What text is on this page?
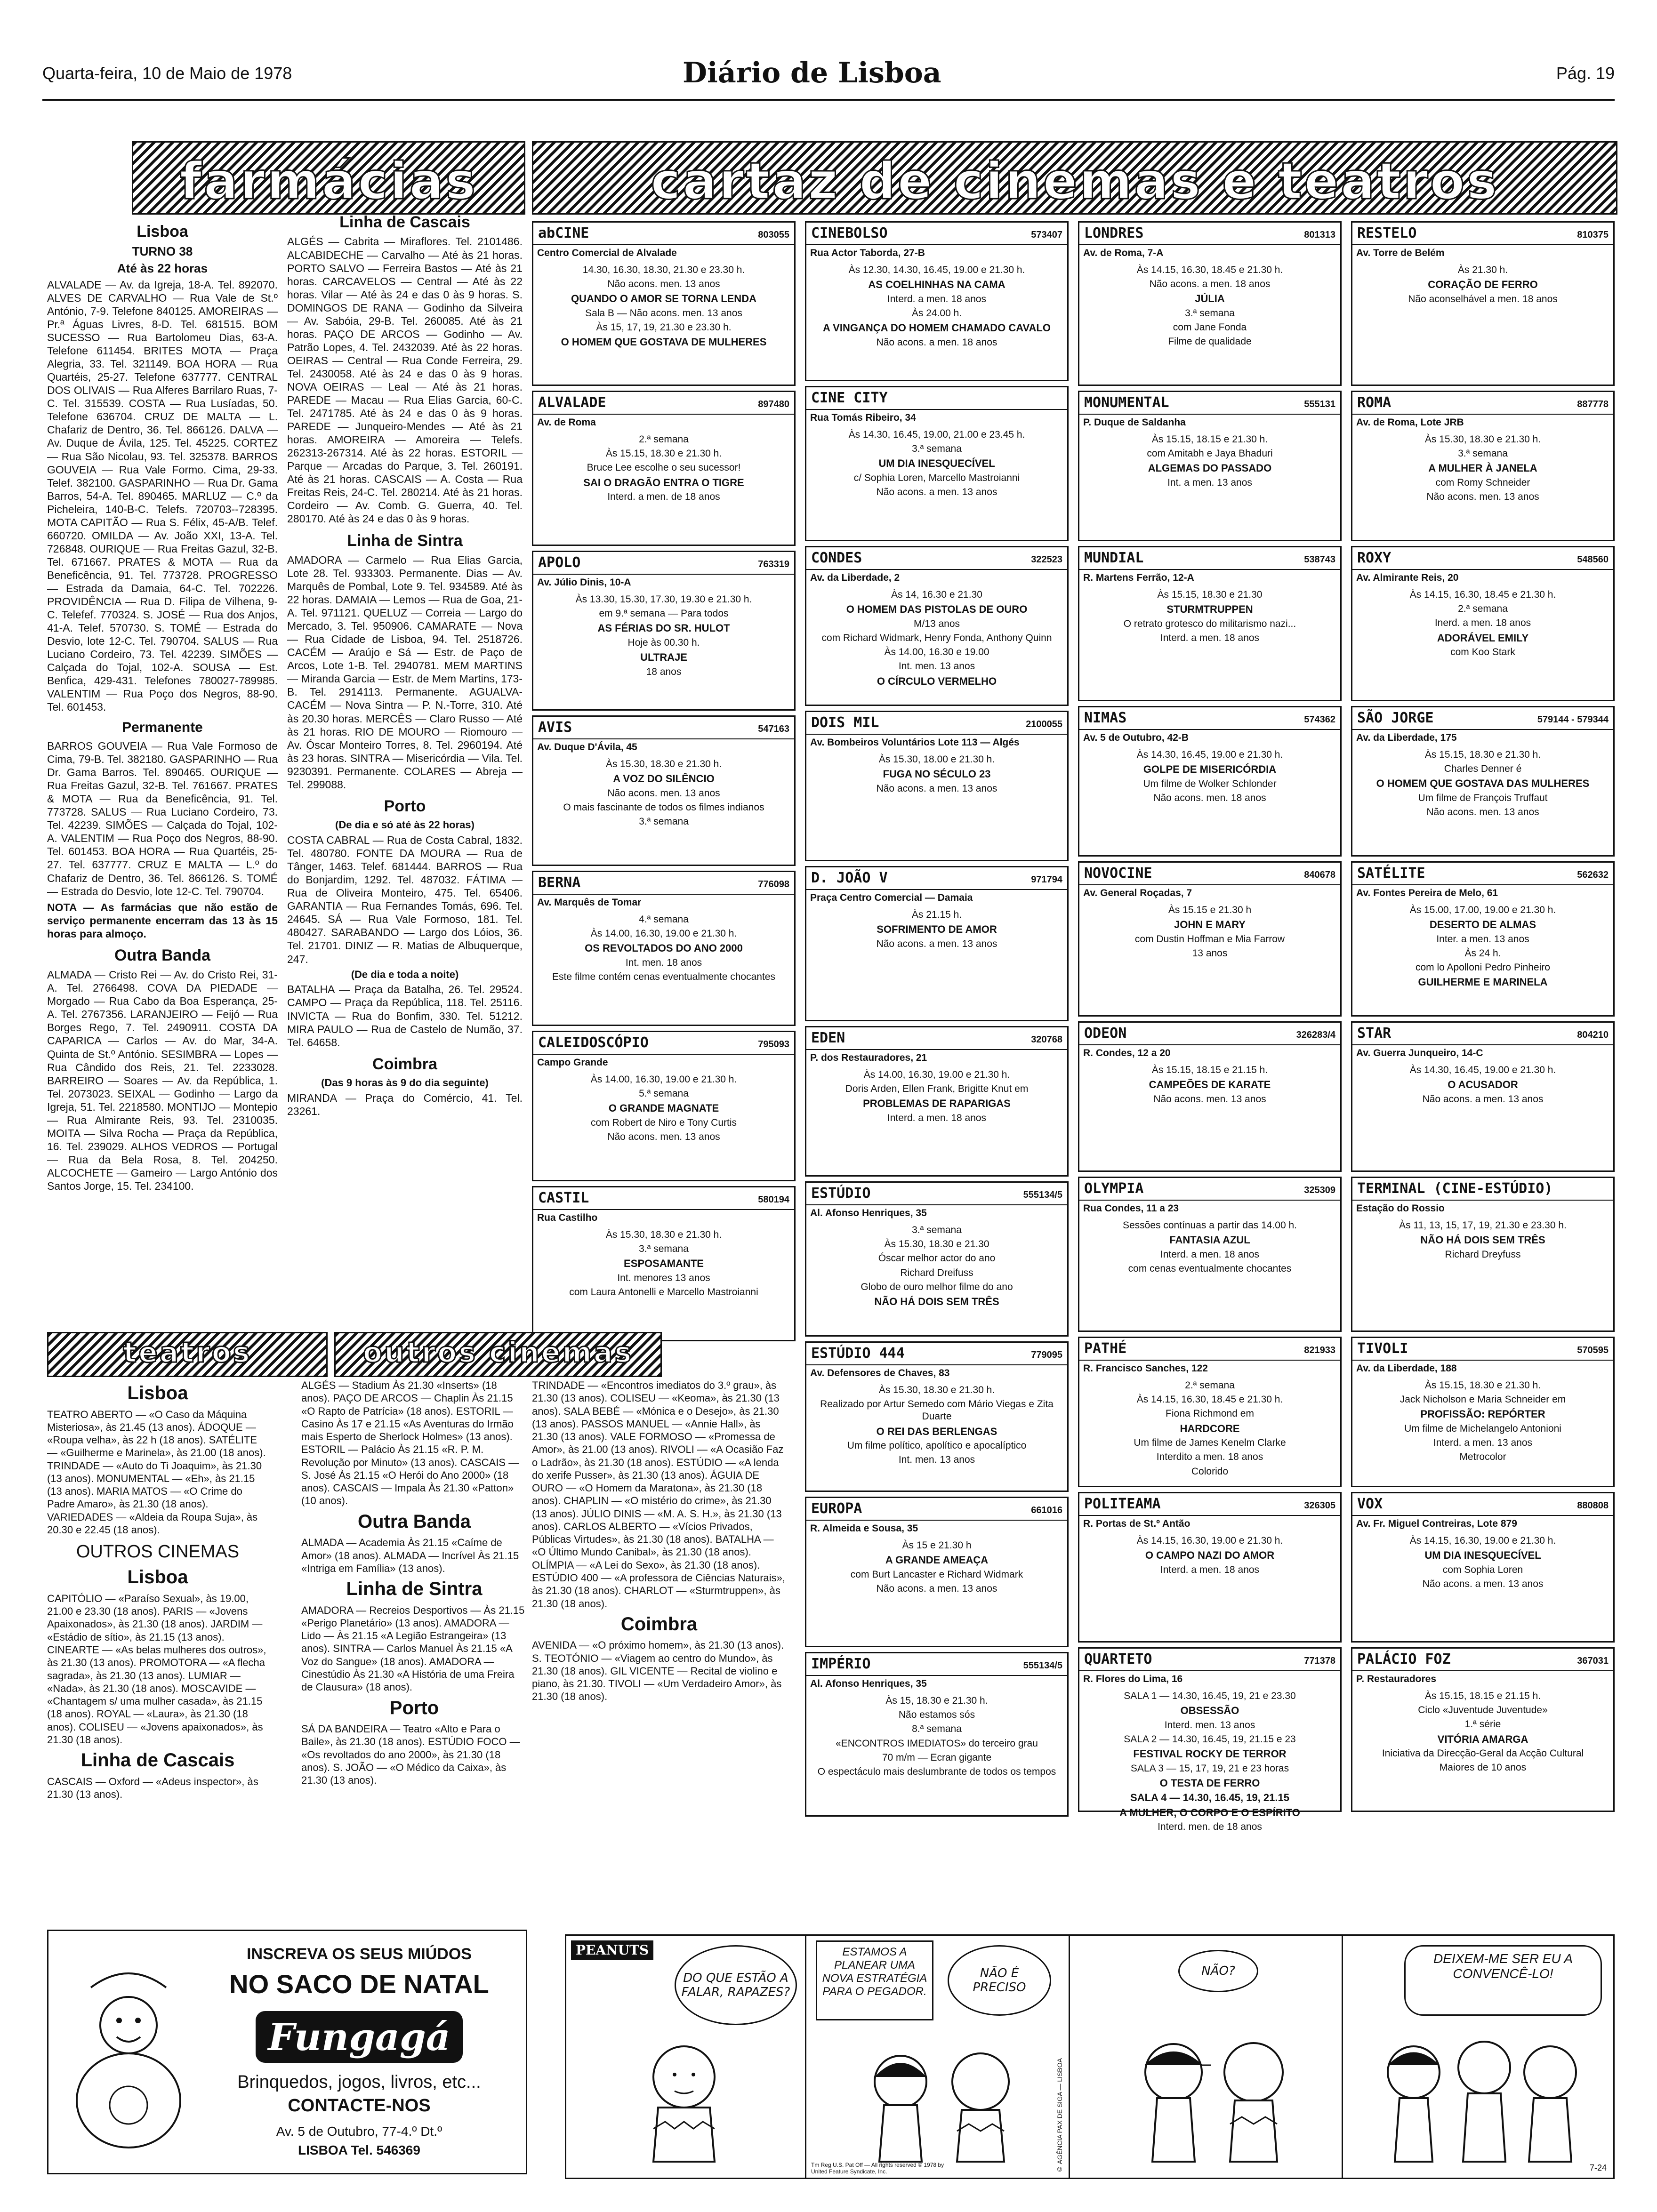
Quarta-feira, 10 de Maio de 1978	Diário de Lisboa	Pág. 19
farmácias	cartaz de cinemas e teatros
Lisboa
TURNO 38
Até às 22 horas

ALVALADE — Av. da Igreja, 18-A. Tel. 892070. ALVES DE CARVALHO — Rua Vale de St.º António, 7-9. Telefone 840125. AMOREIRAS — Pr.ª Águas Livres, 8-D. Tel. 681515. BOM SUCESSO — Rua Bartolomeu Dias, 63-A. Telefone 611454. BRITES MOTA — Praça Alegria, 33. Tel. 321149. BOA HORA — Rua Quartéis, 25-27. Telefone 637777. CENTRAL DOS OLIVAIS — Rua Alferes Barrilaro Ruas, 7-C. Tel. 315539. COSTA — Rua Lusíadas, 50. Telefone 636704. CRUZ DE MALTA — L. Chafariz de Dentro, 36. Tel. 866126. DALVA — Av. Duque de Ávila, 125. Tel. 45225. CORTEZ — Rua São Nicolau, 93. Tel. 325378. BARROS GOUVEIA — Rua Vale Formo. Cima, 29-33. Telef. 382100. GASPARINHO — Rua Dr. Gama Barros, 54-A. Tel. 890465. MARLUZ — C.º da Picheleira, 140-B-C. Telefs. 720703--728395. MOTA CAPITÃO — Rua S. Félix, 45-A/B. Telef. 660720. OMILDA — Av. João XXI, 13-A. Tel. 726848. OURIQUE — Rua Freitas Gazul, 32-B. Tel. 671667. PRATES & MOTA — Rua da Beneficência, 91. Tel. 773728. PROGRESSO — Estrada da Damaia, 64-C. Tel. 702226. PROVIDÊNCIA — Rua D. Filipa de Vilhena, 9-C. Telefef. 770324. S. JOSÉ — Rua dos Anjos, 41-A. Telef. 570730. S. TOMÉ — Estrada do Desvio, lote 12-C. Tel. 790704. SALUS — Rua Luciano Cordeiro, 73. Tel. 42239. SIMÕES — Calçada do Tojal, 102-A. SOUSA — Est. Benfica, 429-431. Telefones 780027-789985. VALENTIM — Rua Poço dos Negros, 88-90. Tel. 601453.

Permanente

BARROS GOUVEIA — Rua Vale Formoso de Cima, 79-B. Tel. 382180. GASPARINHO — Rua Dr. Gama Barros. Tel. 890465. OURIQUE — Rua Freitas Gazul, 32-B. Tel. 761667. PRATES & MOTA — Rua da Beneficência, 91. Tel. 773728. SALUS — Rua Luciano Cordeiro, 73. Tel. 42239. SIMÕES — Calçada do Tojal, 102-A. VALENTIM — Rua Poço dos Negros, 88-90. Tel. 601453. BOA HORA — Rua Quartéis, 25-27. Tel. 637777. CRUZ E MALTA — L.º do Chafariz de Dentro, 36. Tel. 866126. S. TOMÉ — Estrada do Desvio, lote 12-C. Tel. 790704.

NOTA — As farmácias que não estão de serviço permanente encerram das 13 às 15 horas para almoço.

Outra Banda

ALMADA — Cristo Rei — Av. do Cristo Rei, 31-A. Tel. 2766498. COVA DA PIEDADE — Morgado — Rua Cabo da Boa Esperança, 25-A. Tel. 2767356. LARANJEIRO — Feijó — Rua Borges Rego, 7. Tel. 2490911. COSTA DA CAPARICA — Carlos — Av. do Mar, 34-A. Quinta de St.º António. SESIMBRA — Lopes — Rua Cândido dos Reis, 21. Tel. 2233028. BARREIRO — Soares — Av. da República, 1. Tel. 2073023. SEIXAL — Godinho — Largo da Igreja, 51. Tel. 2218580. MONTIJO — Montepio — Rua Almirante Reis, 93. Tel. 2310035. MOITA — Silva Rocha — Praça da República, 16. Tel. 239029. ALHOS VEDROS — Portugal — Rua da Bela Rosa, 8. Tel. 204250. ALCOCHETE — Gameiro — Largo António dos Santos Jorge, 15. Tel. 234100.

Linha de Cascais

ALGÉS — Cabrita — Miraflores. Tel. 2101486. ALCABIDECHE — Carvalho — Até às 21 horas. PORTO SALVO — Ferreira Bastos — Até às 21 horas. CARCAVELOS — Central — Até às 22 horas. Vilar — Até às 24 e das 0 às 9 horas. S. DOMINGOS DE RANA — Godinho da Silveira — Av. Sabóia, 29-B. Tel. 260085. Até às 21 horas. PAÇO DE ARCOS — Godinho — Av. Patrão Lopes, 4. Tel. 2432039. Até às 22 horas. OEIRAS — Central — Rua Conde Ferreira, 29. Tel. 2430058. Até às 24 e das 0 às 9 horas. NOVA OEIRAS — Leal — Até às 21 horas. PAREDE — Macau — Rua Elias Garcia, 60-C. Tel. 2471785. Até às 24 e das 0 às 9 horas. PAREDE — Junqueiro-Mendes — Até às 21 horas. AMOREIRA — Amoreira — Telefs. 262313-267314. Até às 22 horas. ESTORIL — Parque — Arcadas do Parque, 3. Tel. 260191. Até às 21 horas. CASCAIS — A. Costa — Rua Freitas Reis, 24-C. Tel. 280214. Até às 21 horas. Cordeiro — Av. Comb. G. Guerra, 40. Tel. 280170. Até às 24 e das 0 às 9 horas.

Linha de Sintra

AMADORA — Carmelo — Rua Elias Garcia, Lote 28. Tel. 933303. Permanente. Dias — Av. Marquês de Pombal, Lote 9. Tel. 934589. Até às 22 horas. DAMAIA — Lemos — Rua de Goa, 21-A. Tel. 971121. QUELUZ — Correia — Largo do Mercado, 3. Tel. 950906. CAMARATE — Nova — Rua Cidade de Lisboa, 94. Tel. 2518726. CACÉM — Araújo e Sá — Estr. de Paço de Arcos, Lote 1-B. Tel. 2940781. MEM MARTINS — Miranda Garcia — Estr. de Mem Martins, 173-B. Tel. 2914113. Permanente. AGUALVA-CACÉM — Nova Sintra — P. N.-Torre, 310. Até às 20.30 horas. MERCÊS — Claro Russo — Até às 21 horas. RIO DE MOURO — Riomouro — Av. Óscar Monteiro Torres, 8. Tel. 2960194. Até às 23 horas. SINTRA — Misericórdia — Vila. Tel. 9230391. Permanente. COLARES — Abreja — Tel. 299088.

Porto
(De dia e só até às 22 horas)

COSTA CABRAL — Rua de Costa Cabral, 1832. Tel. 480780. FONTE DA MOURA — Rua de Tânger, 1463. Telef. 681444. BARROS — Rua do Bonjardim, 1292. Tel. 487032. FÁTIMA — Rua de Oliveira Monteiro, 475. Tel. 65406. GARANTIA — Rua Fernandes Tomás, 696. Tel. 24645. SÁ — Rua Vale Formoso, 181. Tel. 480427. SARABANDO — Largo dos Lóios, 36. Tel. 21701. DINIZ — R. Matias de Albuquerque, 247.

(De dia e toda a noite)

BATALHA — Praça da Batalha, 26. Tel. 29524. CAMPO — Praça da República, 118. Tel. 25116. INVICTA — Rua do Bonfim, 330. Tel. 51212. MIRA PAULO — Rua de Castelo de Numão, 37. Tel. 64658.

Coimbra
(Das 9 horas às 9 do dia seguinte)

MIRANDA — Praça do Comércio, 41. Tel. 23261.

abCINE	803055
Centro Comercial de Alvalade
14.30, 16.30, 18.30, 21.30 e 23.30 h.
Não acons. men. 13 anos
QUANDO O AMOR SE TORNA LENDA
Sala B — Não acons. men. 13 anos
Às 15, 17, 19, 21.30 e 23.30 h.
O HOMEM QUE GOSTAVA DE MULHERES
ALVALADE	897480
Av. de Roma
2.ª semana
Às 15.15, 18.30 e 21.30 h.
Bruce Lee escolhe o seu sucessor!
SAI O DRAGÃO ENTRA O TIGRE
Interd. a men. de 18 anos
APOLO	763319
Av. Júlio Dinis, 10-A
Às 13.30, 15.30, 17.30, 19.30 e 21.30 h.
em 9.ª semana — Para todos
AS FÉRIAS DO SR. HULOT
Hoje às 00.30 h.
ULTRAJE
18 anos
AVIS	547163
Av. Duque D'Ávila, 45
Às 15.30, 18.30 e 21.30 h.
A VOZ DO SILÊNCIO
Não acons. men. 13 anos
O mais fascinante de todos os filmes indianos
3.ª semana
BERNA	776098
Av. Marquês de Tomar
4.ª semana
Às 14.00, 16.30, 19.00 e 21.30 h.
OS REVOLTADOS DO ANO 2000
Int. men. 18 anos
Este filme contém cenas eventualmente chocantes
CALEIDOSCÓPIO	795093
Campo Grande
Às 14.00, 16.30, 19.00 e 21.30 h.
5.ª semana
O GRANDE MAGNATE
com Robert de Niro e Tony Curtis
Não acons. men. 13 anos
CASTIL	580194
Rua Castilho
Às 15.30, 18.30 e 21.30 h.
3.ª semana
ESPOSAMANTE
Int. menores 13 anos
com Laura Antonelli e Marcello Mastroianni
CINEBOLSO	573407
Rua Actor Taborda, 27-B
Às 12.30, 14.30, 16.45, 19.00 e 21.30 h.
AS COELHINHAS NA CAMA
Interd. a men. 18 anos
Às 24.00 h.
A VINGANÇA DO HOMEM CHAMADO CAVALO
Não acons. a men. 18 anos
CINE CITY
Rua Tomás Ribeiro, 34
Às 14.30, 16.45, 19.00, 21.00 e 23.45 h.
3.ª semana
UM DIA INESQUECÍVEL
c/ Sophia Loren, Marcello Mastroianni
Não acons. a men. 13 anos
CONDES	322523
Av. da Liberdade, 2
Às 14, 16.30 e 21.30
O HOMEM DAS PISTOLAS DE OURO
M/13 anos
com Richard Widmark, Henry Fonda, Anthony Quinn
Às 14.00, 16.30 e 19.00
Int. men. 13 anos
O CÍRCULO VERMELHO
DOIS MIL	2100055
Av. Bombeiros Voluntários Lote 113 — Algés
Às 15.30, 18.00 e 21.30 h.
FUGA NO SÉCULO 23
Não acons. a men. 13 anos
D. JOÃO V	971794
Praça Centro Comercial — Damaia
Às 21.15 h.
SOFRIMENTO DE AMOR
Não acons. a men. 13 anos
EDEN	320768
P. dos Restauradores, 21
Às 14.00, 16.30, 19.00 e 21.30 h.
Doris Arden, Ellen Frank, Brigitte Knut em
PROBLEMAS DE RAPARIGAS
Interd. a men. 18 anos
ESTÚDIO	555134/5
Al. Afonso Henriques, 35
3.ª semana
Às 15.30, 18.30 e 21.30
Óscar melhor actor do ano
Richard Dreifuss
Globo de ouro melhor filme do ano
NÃO HÁ DOIS SEM TRÊS
ESTÚDIO 444	779095
Av. Defensores de Chaves, 83
Às 15.30, 18.30 e 21.30 h.
Realizado por Artur Semedo com Mário Viegas e Zita Duarte
O REI DAS BERLENGAS
Um filme político, apolítico e apocalíptico
Int. men. 13 anos
EUROPA	661016
R. Almeida e Sousa, 35
Às 15 e 21.30 h
A GRANDE AMEAÇA
com Burt Lancaster e Richard Widmark
Não acons. a men. 13 anos
IMPÉRIO	555134/5
Al. Afonso Henriques, 35
Às 15, 18.30 e 21.30 h.
Não estamos sós
8.ª semana
«ENCONTROS IMEDIATOS» do terceiro grau
70 m/m — Ecran gigante
O espectáculo mais deslumbrante de todos os tempos
LONDRES	801313
Av. de Roma, 7-A
Às 14.15, 16.30, 18.45 e 21.30 h.
Não acons. a men. 18 anos
JÚLIA
3.ª semana
com Jane Fonda
Filme de qualidade
MONUMENTAL	555131
P. Duque de Saldanha
Às 15.15, 18.15 e 21.30 h.
com Amitabh e Jaya Bhaduri
ALGEMAS DO PASSADO
Int. a men. 13 anos
MUNDIAL	538743
R. Martens Ferrão, 12-A
Às 15.15, 18.30 e 21.30
STURMTRUPPEN
O retrato grotesco do militarismo nazi...
Interd. a men. 18 anos
NIMAS	574362
Av. 5 de Outubro, 42-B
Às 14.30, 16.45, 19.00 e 21.30 h.
GOLPE DE MISERICÓRDIA
Um filme de Wolker Schlonder
Não acons. men. 18 anos
NOVOCINE	840678
Av. General Roçadas, 7
Às 15.15 e 21.30 h
JOHN E MARY
com Dustin Hoffman e Mia Farrow
13 anos
ODEON	326283/4
R. Condes, 12 a 20
Às 15.15, 18.15 e 21.15 h.
CAMPEÕES DE KARATE
Não acons. men. 13 anos
OLYMPIA	325309
Rua Condes, 11 a 23
Sessões contínuas a partir das 14.00 h.
FANTASIA AZUL
Interd. a men. 18 anos
com cenas eventualmente chocantes
PATHÉ	821933
R. Francisco Sanches, 122
2.ª semana
Às 14.15, 16.30, 18.45 e 21.30 h.
Fiona Richmond em
HARDCORE
Um filme de James Kenelm Clarke
Interdito a men. 18 anos
Colorido
POLITEAMA	326305
R. Portas de St.º Antão
Às 14.15, 16.30, 19.00 e 21.30 h.
O CAMPO NAZI DO AMOR
Interd. a men. 18 anos
QUARTETO	771378
R. Flores do Lima, 16
SALA 1 — 14.30, 16.45, 19, 21 e 23.30
OBSESSÃO
Interd. men. 13 anos
SALA 2 — 14.30, 16.45, 19, 21.15 e 23
FESTIVAL ROCKY DE TERROR
SALA 3 — 15, 17, 19, 21 e 23 horas
O TESTA DE FERRO
SALA 4 — 14.30, 16.45, 19, 21.15
A MULHER, O CORPO E O ESPÍRITO
Interd. men. de 18 anos
RESTELO	810375
Av. Torre de Belém
Às 21.30 h.
CORAÇÃO DE FERRO
Não aconselhável a men. 18 anos
ROMA	887778
Av. de Roma, Lote JRB
Às 15.30, 18.30 e 21.30 h.
3.ª semana
A MULHER À JANELA
com Romy Schneider
Não acons. men. 13 anos
ROXY	548560
Av. Almirante Reis, 20
Às 14.15, 16.30, 18.45 e 21.30 h.
2.ª semana
Inerd. a men. 18 anos
ADORÁVEL EMILY
com Koo Stark
SÃO JORGE	579144 - 579344
Av. da Liberdade, 175
Às 15.15, 18.30 e 21.30 h.
Charles Denner é
O HOMEM QUE GOSTAVA DAS MULHERES
Um filme de François Truffaut
Não acons. men. 13 anos
SATÉLITE	562632
Av. Fontes Pereira de Melo, 61
Às 15.00, 17.00, 19.00 e 21.30 h.
DESERTO DE ALMAS
Inter. a men. 13 anos
Às 24 h.
com lo Apolloni Pedro Pinheiro
GUILHERME E MARINELA
STAR	804210
Av. Guerra Junqueiro, 14-C
Às 14.30, 16.45, 19.00 e 21.30 h.
O ACUSADOR
Não acons. a men. 13 anos
TERMINAL (CINE-ESTÚDIO)
Estação do Rossio
Às 11, 13, 15, 17, 19, 21.30 e 23.30 h.
NÃO HÁ DOIS SEM TRÊS
Richard Dreyfuss
TIVOLI	570595
Av. da Liberdade, 188
Às 15.15, 18.30 e 21.30 h.
Jack Nicholson e Maria Schneider em
PROFISSÃO: REPÓRTER
Um filme de Michelangelo Antonioni
Interd. a men. 13 anos
Metrocolor
VOX	880808
Av. Fr. Miguel Contreiras, Lote 879
Às 14.15, 16.30, 19.00 e 21.30 h.
UM DIA INESQUECÍVEL
com Sophia Loren
Não acons. a men. 13 anos
PALÁCIO FOZ	367031
P. Restauradores
Às 15.15, 18.15 e 21.15 h.
Ciclo «Juventude Juventude»
1.ª série
VITÓRIA AMARGA
Iniciativa da Direcção-Geral da Acção Cultural
Maiores de 10 anos
teatros	outros cinemas
Lisboa

TEATRO ABERTO — «O Caso da Máquina Misteriosa», às 21.45 (13 anos). ÁDOQUE — «Roupa velha», às 22 h (18 anos). SATÉLITE — «Guilherme e Marinela», às 21.00 (18 anos). TRINDADE — «Auto do Ti Joaquim», às 21.30 (13 anos). MONUMENTAL — «Eh», às 21.15 (13 anos). MARIA MATOS — «O Crime do Padre Amaro», às 21.30 (18 anos). VARIEDADES — «Aldeia da Roupa Suja», às 20.30 e 22.45 (18 anos).

OUTROS CINEMAS
Lisboa

CAPITÓLIO — «Paraíso Sexual», às 19.00, 21.00 e 23.30 (18 anos). PARIS — «Jovens Apaixonados», às 21.30 (18 anos). JARDIM — «Estádio de sítio», às 21.15 (13 anos). CINEARTE — «As belas mulheres dos outros», às 21.30 (13 anos). PROMOTORA — «A flecha sagrada», às 21.30 (13 anos). LUMIAR — «Nada», às 21.30 (18 anos). MOSCAVIDE — «Chantagem s/ uma mulher casada», às 21.15 (18 anos). ROYAL — «Laura», às 21.30 (18 anos). COLISEU — «Jovens apaixonados», às 21.30 (18 anos).

Linha de Cascais

CASCAIS — Oxford — «Adeus inspector», às 21.30 (13 anos).

ALGÉS — Stadium Às 21.30 «Inserts» (18 anos). PAÇO DE ARCOS — Chaplin Às 21.15 «O Rapto de Patrícia» (18 anos). ESTORIL — Casino Às 17 e 21.15 «As Aventuras do Irmão mais Esperto de Sherlock Holmes» (13 anos). ESTORIL — Palácio Às 21.15 «R. P. M. Revolução por Minuto» (13 anos). CASCAIS — S. José Às 21.15 «O Herói do Ano 2000» (18 anos). CASCAIS — Impala Às 21.30 «Patton» (10 anos).

Outra Banda

ALMADA — Academia Às 21.15 «Caíme de Amor» (18 anos). ALMADA — Incrível Às 21.15 «Intriga em Família» (13 anos).

Linha de Sintra

AMADORA — Recreios Desportivos — Às 21.15 «Perigo Planetário» (13 anos). AMADORA — Lido — Às 21.15 «A Legião Estrangeira» (13 anos). SINTRA — Carlos Manuel Às 21.15 «A Voz do Sangue» (18 anos). AMADORA — Cinestúdio Às 21.30 «A História de uma Freira de Clausura» (18 anos).

Porto

SÁ DA BANDEIRA — Teatro «Alto e Para o Baile», às 21.30 (18 anos). ESTÚDIO FOCO — «Os revoltados do ano 2000», às 21.30 (18 anos). S. JOÃO — «O Médico da Caixa», às 21.30 (13 anos).

TRINDADE — «Encontros imediatos do 3.º grau», às 21.30 (13 anos). COLISEU — «Keoma», às 21.30 (13 anos). SALA BEBÉ — «Mónica e o Desejo», às 21.30 (13 anos). PASSOS MANUEL — «Annie Hall», às 21.30 (13 anos). VALE FORMOSO — «Promessa de Amor», às 21.00 (13 anos). RIVOLI — «A Ocasião Faz o Ladrão», às 21.30 (18 anos). ESTÚDIO — «A lenda do xerife Pusser», às 21.30 (13 anos). ÁGUIA DE OURO — «O Homem da Maratona», às 21.30 (18 anos). CHAPLIN — «O mistério do crime», às 21.30 (13 anos). JÚLIO DINIS — «M. A. S. H.», às 21.30 (13 anos). CARLOS ALBERTO — «Vícios Privados, Públicas Virtudes», às 21.30 (18 anos). BATALHA — «O Último Mundo Canibal», às 21.30 (18 anos). OLÍMPIA — «A Lei do Sexo», às 21.30 (18 anos). ESTÚDIO 400 — «A professora de Ciências Naturais», às 21.30 (18 anos). CHARLOT — «Sturmtruppen», às 21.30 (18 anos).

Coimbra

AVENIDA — «O próximo homem», às 21.30 (13 anos). S. TEOTÓNIO — «Viagem ao centro do Mundo», às 21.30 (18 anos). GIL VICENTE — Recital de violino e piano, às 21.30. TIVOLI — «Um Verdadeiro Amor», às 21.30 (18 anos).

INSCREVA OS SEUS MIÚDOS
NO SACO DE NATAL
Fungagá
Brinquedos, jogos, livros, etc...
CONTACTE-NOS
Av. 5 de Outubro, 77-4.º Dt.º
LISBOA Tel. 546369
PEANUTS
DO QUE ESTÃO A FALAR, RAPAZES?
ESTAMOS A PLANEAR UMA NOVA ESTRATÉGIA PARA O PEGADOR.
NÃO É PRECISO
Tm Reg U.S. Pat Off — All rights reserved © 1978 by United Feature Syndicate, Inc.	© AGÊNCIA PAX DE SIGA — LISBOA
NÃO?
DEIXEM-ME SER EU A CONVENCÊ-LO!
7-24
